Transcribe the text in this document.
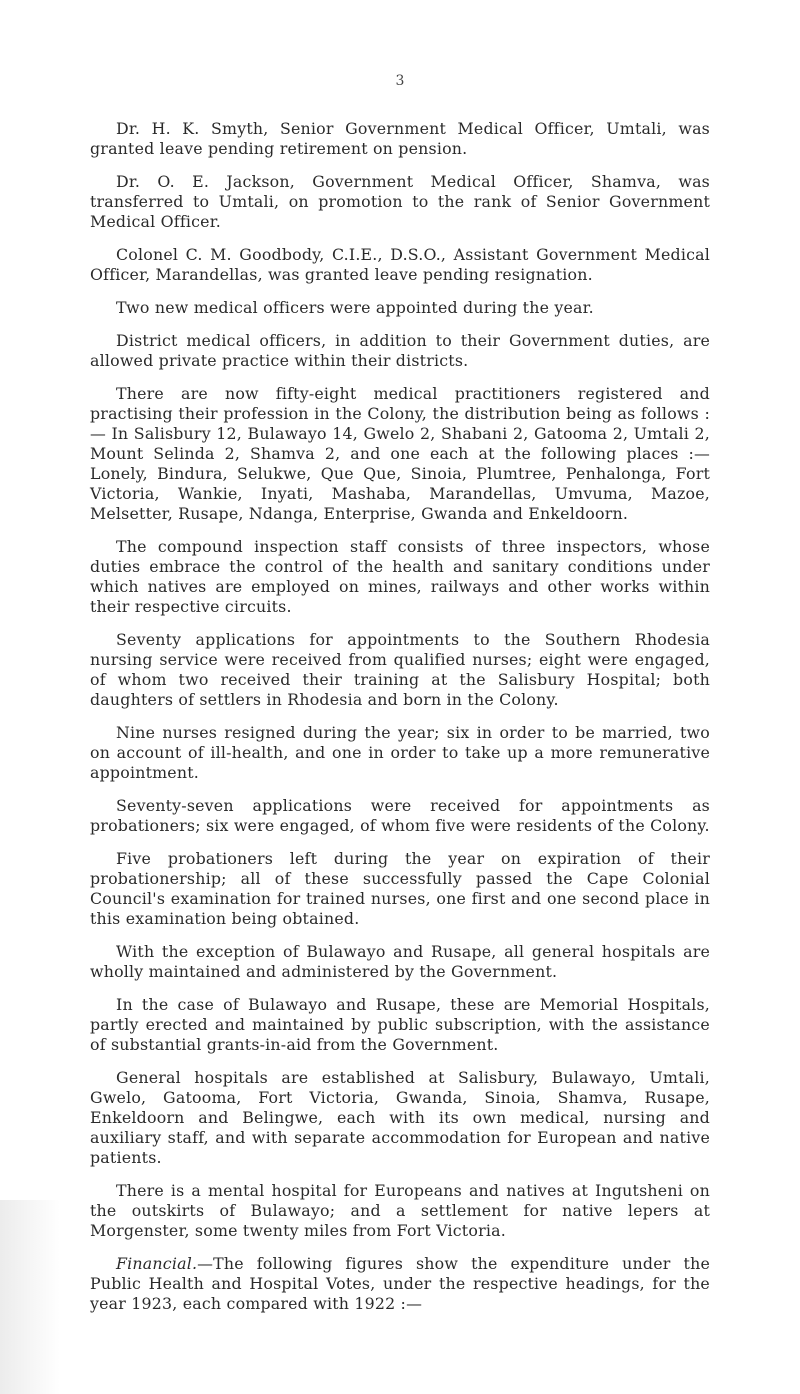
3

Dr. H. K. Smyth, Senior Government Medical Officer, Umtali, was granted leave pending retirement on pension.

Dr. O. E. Jackson, Government Medical Officer, Shamva, was transferred to Umtali, on promotion to the rank of Senior Government Medical Officer.

Colonel C. M. Goodbody, C.I.E., D.S.O., Assistant Government Medical Officer, Marandellas, was granted leave pending resignation.

Two new medical officers were appointed during the year.

District medical officers, in addition to their Government duties, are allowed private practice within their districts.

There are now fifty-eight medical practitioners registered and practising their profession in the Colony, the distribution being as follows :— In Salisbury 12, Bulawayo 14, Gwelo 2, Shabani 2, Gatooma 2, Umtali 2, Mount Selinda 2, Shamva 2, and one each at the following places :— Lonely, Bindura, Selukwe, Que Que, Sinoia, Plumtree, Penhalonga, Fort Victoria, Wankie, Inyati, Mashaba, Marandellas, Umvuma, Mazoe, Melsetter, Rusape, Ndanga, Enterprise, Gwanda and Enkeldoorn.

The compound inspection staff consists of three inspectors, whose duties embrace the control of the health and sanitary conditions under which natives are employed on mines, railways and other works within their respective circuits.

Seventy applications for appointments to the Southern Rhodesia nursing service were received from qualified nurses; eight were engaged, of whom two received their training at the Salisbury Hospital; both daughters of settlers in Rhodesia and born in the Colony.

Nine nurses resigned during the year; six in order to be married, two on account of ill-health, and one in order to take up a more remunerative appointment.

Seventy-seven applications were received for appointments as probationers; six were engaged, of whom five were residents of the Colony.

Five probationers left during the year on expiration of their probationership; all of these successfully passed the Cape Colonial Council's examination for trained nurses, one first and one second place in this examination being obtained.

With the exception of Bulawayo and Rusape, all general hospitals are wholly maintained and administered by the Government.

In the case of Bulawayo and Rusape, these are Memorial Hospitals, partly erected and maintained by public subscription, with the assistance of substantial grants-in-aid from the Government.

General hospitals are established at Salisbury, Bulawayo, Umtali, Gwelo, Gatooma, Fort Victoria, Gwanda, Sinoia, Shamva, Rusape, Enkeldoorn and Belingwe, each with its own medical, nursing and auxiliary staff, and with separate accommodation for European and native patients.

There is a mental hospital for Europeans and natives at Ingutsheni on the outskirts of Bulawayo; and a settlement for native lepers at Morgenster, some twenty miles from Fort Victoria.

Financial.—The following figures show the expenditure under the Public Health and Hospital Votes, under the respective headings, for the year 1923, each compared with 1922 :—
